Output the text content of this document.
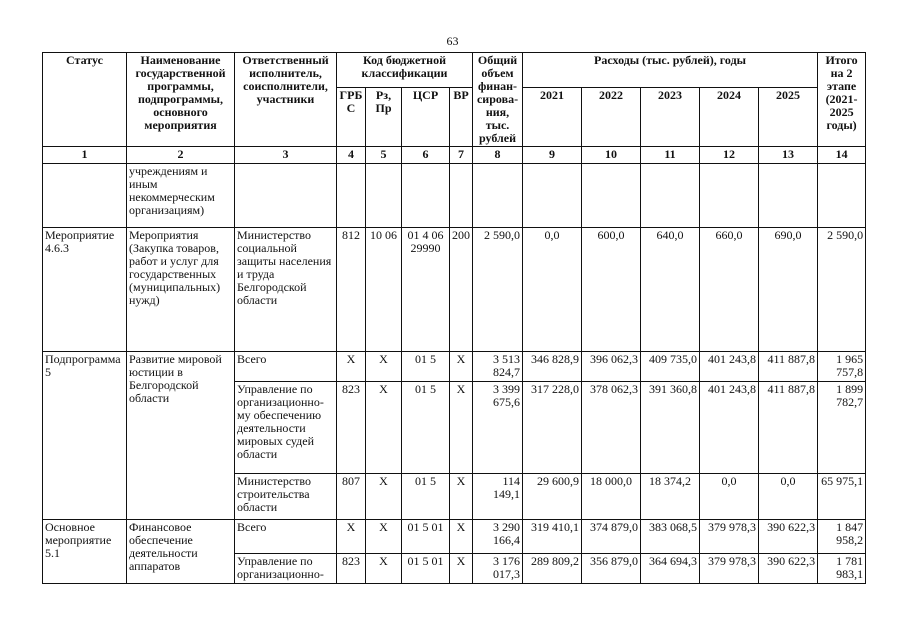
63
Статус	Наименование государственной программы, подпрограммы, основного мероприятия	Ответственный исполнитель, соисполнители, участники	Код бюджетной классификации				Общий объем финан-сирова-ния, тыс. рублей	Расходы (тыс. рублей), годы					Итого на 2 этапе (2021-2025 годы)
			ГРБ С	Рз, Пр	ЦСР	ВР		2021	2022	2023	2024	2025	
1	2	3	4	5	6	7	8	9	10	11	12	13	14
	учреждениям и иным некоммерческим организациям)												
Мероприятие 4.6.3	Мероприятия (Закупка товаров, работ и услуг для государственных (муниципальных) нужд)	Министерство социальной защиты населения и труда Белгородской области	812	10 06	01 4 06 29990	200	2 590,0	0,0	600,0	640,0	660,0	690,0	2 590,0
Подпрограмма 5	Развитие мировой юстиции в Белгородской области	Всего	Х	Х	01 5	Х	3 513 824,7	346 828,9	396 062,3	409 735,0	401 243,8	411 887,8	1 965 757,8
		Управление по организационно-му обеспечению деятельности мировых судей области	823	Х	01 5	Х	3 399 675,6	317 228,0	378 062,3	391 360,8	401 243,8	411 887,8	1 899 782,7
		Министерство строительства области	807	Х	01 5	Х	114 149,1	29 600,9	18 000,0	18 374,2	0,0	0,0	65 975,1
Основное мероприятие 5.1	Финансовое обеспечение деятельности аппаратов	Всего	Х	Х	01 5 01	Х	3 290 166,4	319 410,1	374 879,0	383 068,5	379 978,3	390 622,3	1 847 958,2
		Управление по организационно-	823	Х	01 5 01	Х	3 176 017,3	289 809,2	356 879,0	364 694,3	379 978,3	390 622,3	1 781 983,1
